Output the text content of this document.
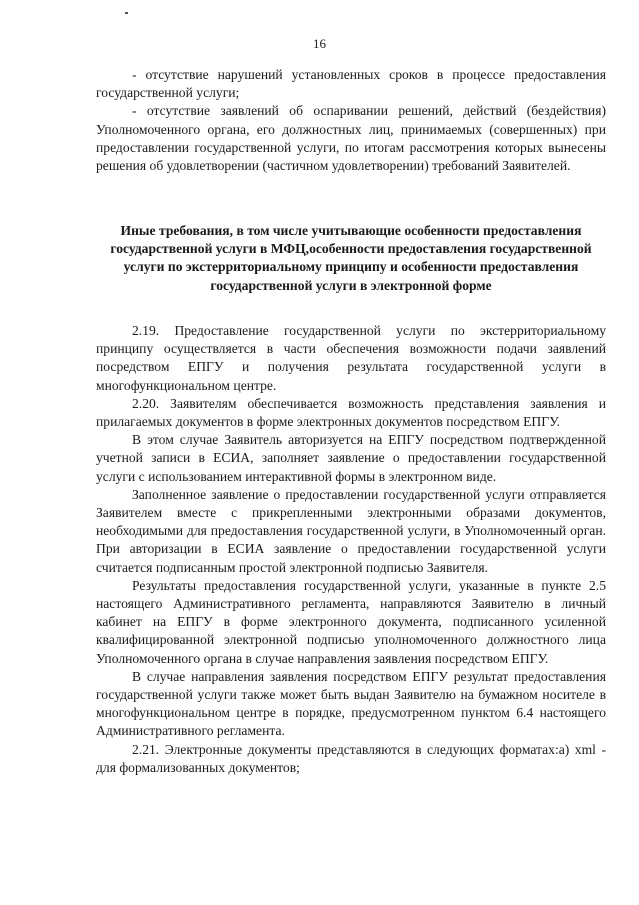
16

- отсутствие нарушений установленных сроков в процессе предоставления государственной услуги;

- отсутствие заявлений об оспаривании решений, действий (бездействия) Уполномоченного органа, его должностных лиц, принимаемых (совершенных) при предоставлении государственной услуги, по итогам рассмотрения которых вынесены решения об удовлетворении (частичном удовлетворении) требований Заявителей.

Иные требования, в том числе учитывающие особенности предоставления государственной услуги в МФЦ,особенности предоставления государственной услуги по экстерриториальному принципу и особенности предоставления государственной услуги в электронной форме

2.19. Предоставление государственной услуги по экстерриториальному принципу осуществляется в части обеспечения возможности подачи заявлений посредством ЕПГУ и получения результата государственной услуги в многофункциональном центре.

2.20. Заявителям обеспечивается возможность представления заявления и прилагаемых документов в форме электронных документов посредством ЕПГУ.

В этом случае Заявитель авторизуется на ЕПГУ посредством подтвержденной учетной записи в ЕСИА, заполняет заявление о предоставлении государственной услуги с использованием интерактивной формы в электронном виде.

Заполненное заявление о предоставлении государственной услуги отправляется Заявителем вместе с прикрепленными электронными образами документов, необходимыми для предоставления государственной услуги, в Уполномоченный орган. При авторизации в ЕСИА заявление о предоставлении государственной услуги считается подписанным простой электронной подписью Заявителя.

Результаты предоставления государственной услуги, указанные в пункте 2.5 настоящего Административного регламента, направляются Заявителю в личный кабинет на ЕПГУ в форме электронного документа, подписанного усиленной квалифицированной электронной подписью уполномоченного должностного лица Уполномоченного органа в случае направления заявления посредством ЕПГУ.

В случае направления заявления посредством ЕПГУ результат предоставления государственной услуги также может быть выдан Заявителю на бумажном носителе в многофункциональном центре в порядке, предусмотренном пунктом 6.4 настоящего Административного регламента.

2.21. Электронные документы представляются в следующих форматах:а) xml - для формализованных документов;
